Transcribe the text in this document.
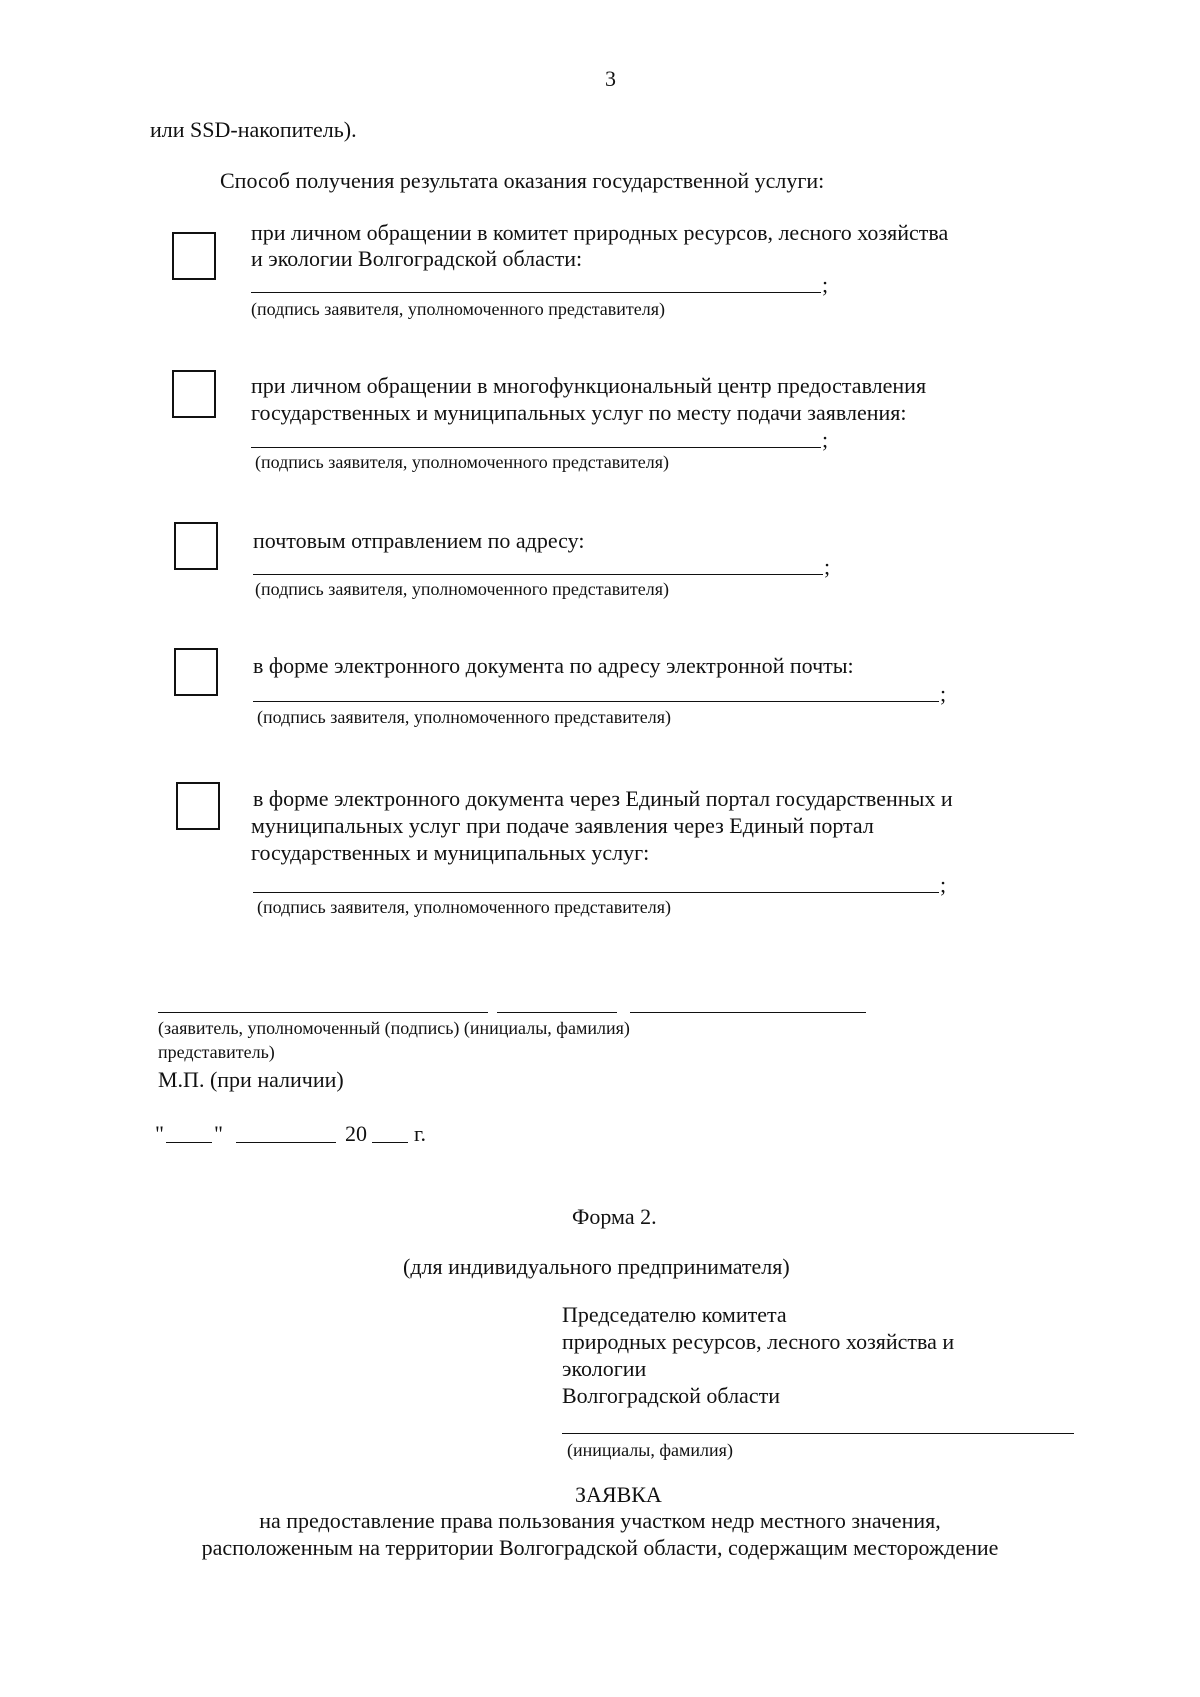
3
или SSD-накопитель).
Способ получения результата оказания государственной услуги:
при личном обращении в комитет природных ресурсов, лесного хозяйства
и экологии Волгоградской области:
;
(подпись заявителя, уполномоченного представителя)
при личном обращении в многофункциональный центр предоставления
государственных и муниципальных услуг по месту подачи заявления:
;
(подпись заявителя, уполномоченного представителя)
почтовым отправлением по адресу:
;
(подпись заявителя, уполномоченного представителя)
в форме электронного документа по адресу электронной почты:
;
(подпись заявителя, уполномоченного представителя)
в форме электронного документа через Единый портал государственных и
муниципальных услуг при подаче заявления через Единый портал
государственных и муниципальных услуг:
;
(подпись заявителя, уполномоченного представителя)
(заявитель, уполномоченный (подпись) (инициалы, фамилия)
представитель)
М.П. (при наличии)
" "	20 г.
Форма 2.
(для индивидуального предпринимателя)
Председателю комитета
природных ресурсов, лесного хозяйства и
экологии
Волгоградской области
(инициалы, фамилия)
ЗАЯВКА
на предоставление права пользования участком недр местного значения,
расположенным на территории Волгоградской области, содержащим месторождение
